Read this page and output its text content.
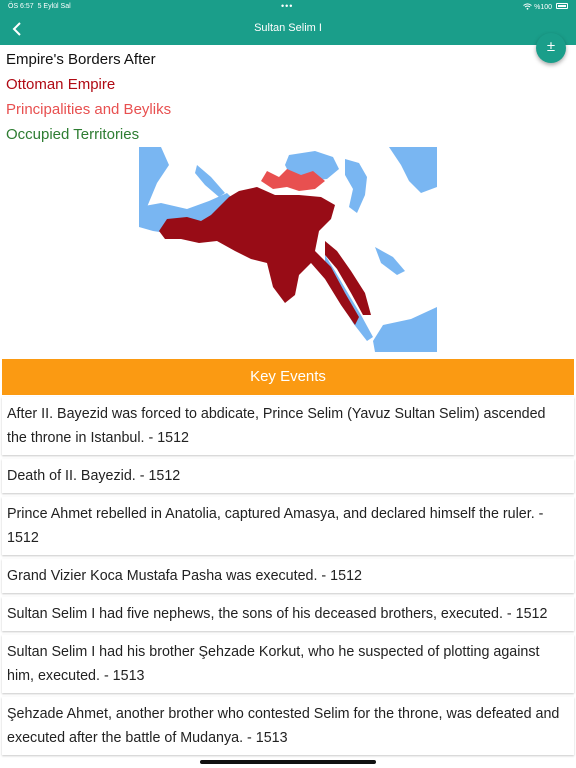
ÖS 6:57 5 Eylül Sal	•••	%100
Sultan Selim I
±
Empire's Borders After
Ottoman Empire
Principalities and Beyliks
Occupied Territories
Key Events
After II. Bayezid was forced to abdicate, Prince Selim (Yavuz Sultan Selim) ascended the throne in Istanbul. - 1512
Death of II. Bayezid. - 1512
Prince Ahmet rebelled in Anatolia, captured Amasya, and declared himself the ruler. - 1512
Grand Vizier Koca Mustafa Pasha was executed. - 1512
Sultan Selim I had five nephews, the sons of his deceased brothers, executed. - 1512
Sultan Selim I had his brother Şehzade Korkut, who he suspected of plotting against him, executed. - 1513
Şehzade Ahmet, another brother who contested Selim for the throne, was defeated and executed after the battle of Mudanya. - 1513
